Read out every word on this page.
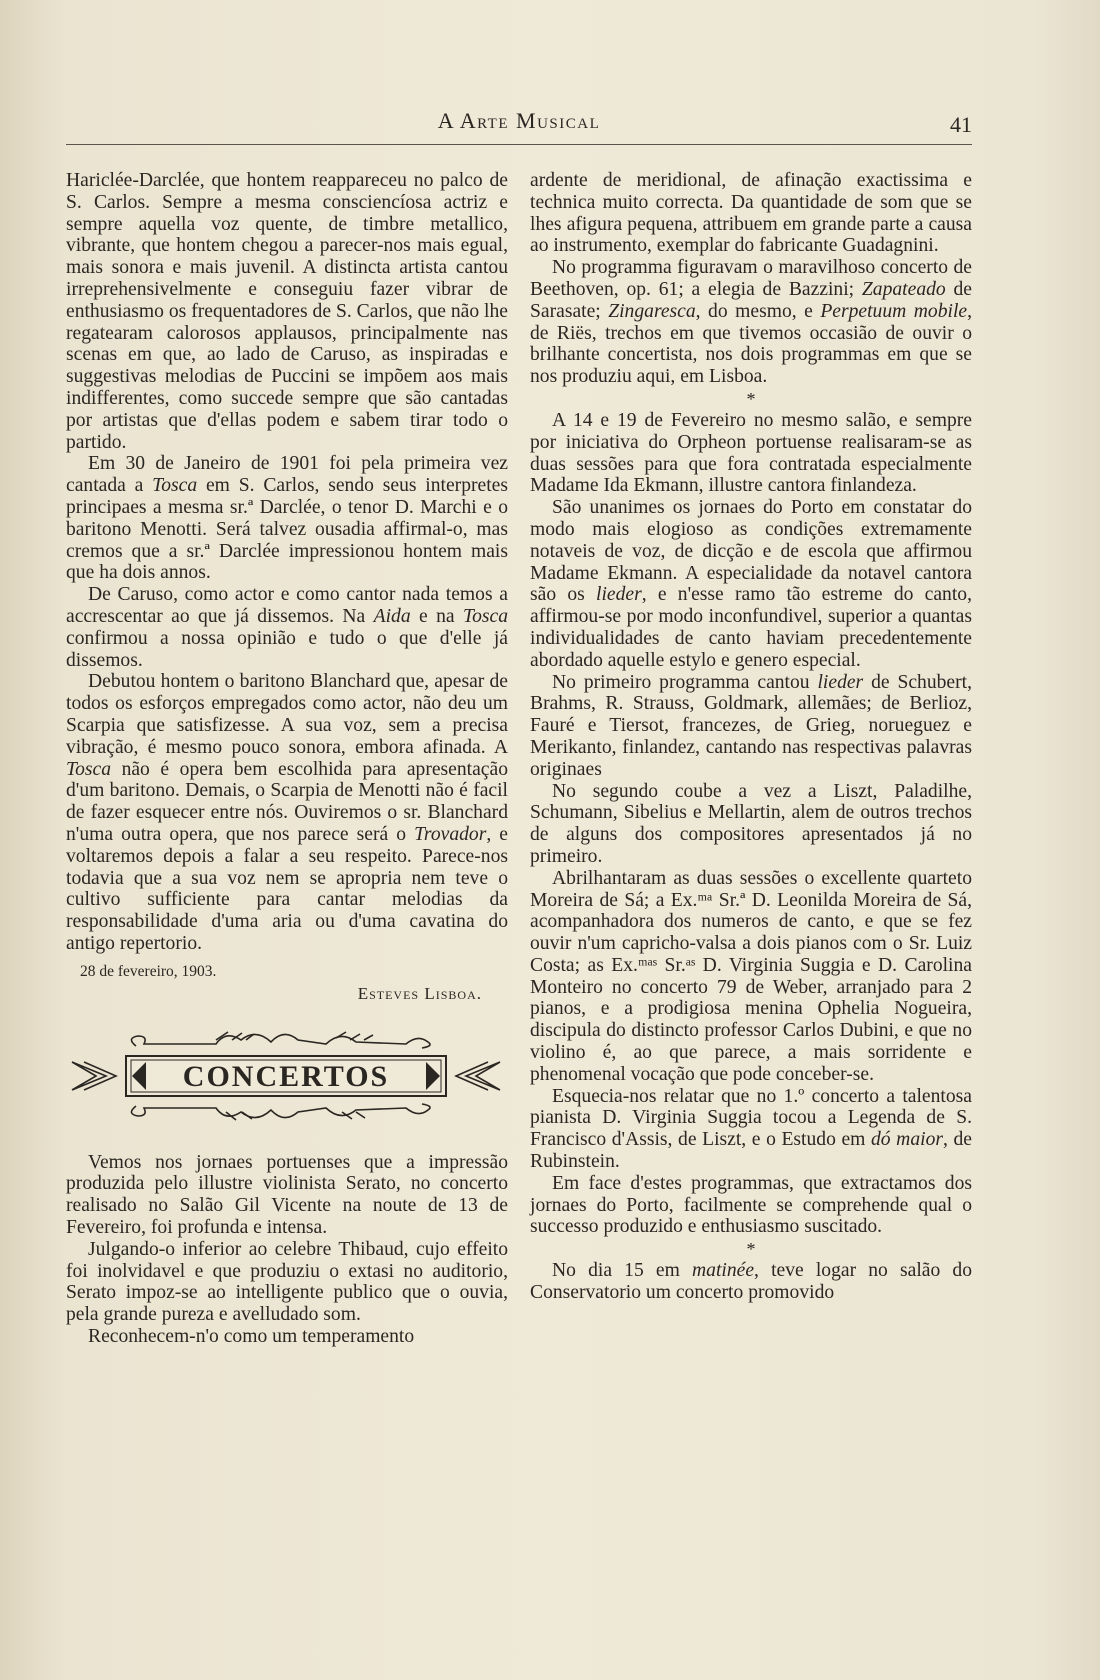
A Arte Musical	41

Hariclée-Darclée, que hontem reappareceu no palco de S. Carlos. Sempre a mesma consciencíosa actriz e sempre aquella voz quente, de timbre metallico, vibrante, que hontem chegou a parecer-nos mais egual, mais sonora e mais juvenil. A distincta artista cantou irreprehensivelmente e conseguiu fazer vibrar de enthusiasmo os frequentadores de S. Carlos, que não lhe regatearam calorosos applausos, principalmente nas scenas em que, ao lado de Caruso, as inspiradas e suggestivas melodias de Puccini se impõem aos mais indifferentes, como succede sempre que são cantadas por artistas que d'ellas podem e sabem tirar todo o partido.

Em 30 de Janeiro de 1901 foi pela primeira vez cantada a Tosca em S. Carlos, sendo seus interpretes principaes a mesma sr.ª Darclée, o tenor D. Marchi e o baritono Menotti. Será talvez ousadia affirmal-o, mas cremos que a sr.ª Darclée impressionou hontem mais que ha dois annos.

De Caruso, como actor e como cantor nada temos a accrescentar ao que já dissemos. Na Aida e na Tosca confirmou a nossa opinião e tudo o que d'elle já dissemos.

Debutou hontem o baritono Blanchard que, apesar de todos os esforços empregados como actor, não deu um Scarpia que satisfizesse. A sua voz, sem a precisa vibração, é mesmo pouco sonora, embora afinada. A Tosca não é opera bem escolhida para apresentação d'um baritono. Demais, o Scarpia de Menotti não é facil de fazer esquecer entre nós. Ouviremos o sr. Blanchard n'uma outra opera, que nos parece será o Trovador, e voltaremos depois a falar a seu respeito. Parece-nos todavia que a sua voz nem se apropria nem teve o cultivo sufficiente para cantar melodias da responsabilidade d'uma aria ou d'uma cavatina do antigo repertorio.

28 de fevereiro, 1903.
Esteves Lisboa.
CONCERTOS

Vemos nos jornaes portuenses que a impressão produzida pelo illustre violinista Serato, no concerto realisado no Salão Gil Vicente na noute de 13 de Fevereiro, foi profunda e intensa.

Julgando-o inferior ao celebre Thibaud, cujo effeito foi inolvidavel e que produziu o extasi no auditorio, Serato impoz-se ao intelligente publico que o ouvia, pela grande pureza e avelludado som.

Reconhecem-n'o como um temperamento

ardente de meridional, de afinação exactissima e technica muito correcta. Da quantidade de som que se lhes afigura pequena, attribuem em grande parte a causa ao instrumento, exemplar do fabricante Guadagnini.

No programma figuravam o maravilhoso concerto de Beethoven, op. 61; a elegia de Bazzini; Zapateado de Sarasate; Zingaresca, do mesmo, e Perpetuum mobile, de Riës, trechos em que tivemos occasião de ouvir o brilhante concertista, nos dois programmas em que se nos produziu aqui, em Lisboa.

*

A 14 e 19 de Fevereiro no mesmo salão, e sempre por iniciativa do Orpheon portuense realisaram-se as duas sessões para que fora contratada especialmente Madame Ida Ekmann, illustre cantora finlandeza.

São unanimes os jornaes do Porto em constatar do modo mais elogioso as condições extremamente notaveis de voz, de dicção e de escola que affirmou Madame Ekmann. A especialidade da notavel cantora são os lieder, e n'esse ramo tão estreme do canto, affirmou-se por modo inconfundivel, superior a quantas individualidades de canto haviam precedentemente abordado aquelle estylo e genero especial.

No primeiro programma cantou lieder de Schubert, Brahms, R. Strauss, Goldmark, allemães; de Berlioz, Fauré e Tiersot, francezes, de Grieg, norueguez e Merikanto, finlandez, cantando nas respectivas palavras originaes

No segundo coube a vez a Liszt, Paladilhe, Schumann, Sibelius e Mellartin, alem de outros trechos de alguns dos compositores apresentados já no primeiro.

Abrilhantaram as duas sessões o excellente quarteto Moreira de Sá; a Ex.ᵐᵃ Sr.ª D. Leonilda Moreira de Sá, acompanhadora dos numeros de canto, e que se fez ouvir n'um capricho-valsa a dois pianos com o Sr. Luiz Costa; as Ex.ᵐᵃˢ Sr.ᵃˢ D. Virginia Suggia e D. Carolina Monteiro no concerto 79 de Weber, arranjado para 2 pianos, e a prodigiosa menina Ophelia Nogueira, discipula do distincto professor Carlos Dubini, e que no violino é, ao que parece, a mais sorridente e phenomenal vocação que pode conceber-se.

Esquecia-nos relatar que no 1.º concerto a talentosa pianista D. Virginia Suggia tocou a Legenda de S. Francisco d'Assis, de Liszt, e o Estudo em dó maior, de Rubinstein.

Em face d'estes programmas, que extractamos dos jornaes do Porto, facilmente se comprehende qual o successo produzido e enthusiasmo suscitado.

*

No dia 15 em matinée, teve logar no salão do Conservatorio um concerto promovido
